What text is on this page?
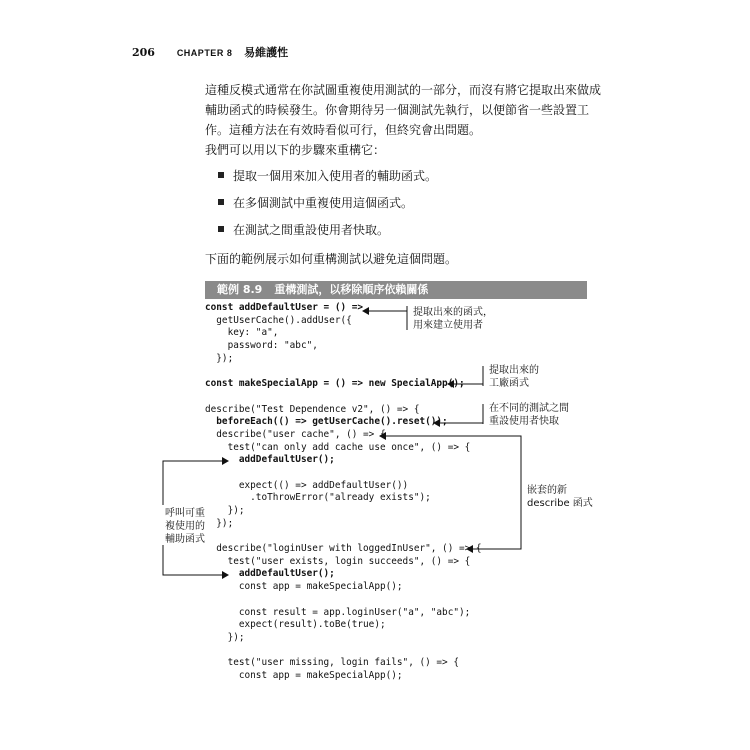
206 CHAPTER 8 易維護性

這種反模式通常在你試圖重複使用測試的一部分，而沒有將它提取出來做成輔助函式的時候發生。你會期待另一個測試先執行，以便節省一些設置工作。這種方法在有效時看似可行，但終究會出問題。

我們可以用以下的步驟來重構它：

提取一個用來加入使用者的輔助函式。
在多個測試中重複使用這個函式。
在測試之間重設使用者快取。

下面的範例展示如何重構測試以避免這個問題。

範例 8.9 重構測試，以移除順序依賴關係
const addDefaultUser = () =>
getUserCache().addUser({
key: "a",
password: "abc",
});
const makeSpecialApp = () => new SpecialApp();
describe("Test Dependence v2", () => {
beforeEach(() => getUserCache().reset());
describe("user cache", () => {
test("can only add cache use once", () => {
addDefaultUser();
expect(() => addDefaultUser())
.toThrowError("already exists");
});
});
describe("loginUser with loggedInUser", () => {
test("user exists, login succeeds", () => {
addDefaultUser();
const app = makeSpecialApp();
const result = app.loginUser("a", "abc");
expect(result).toBe(true);
});
test("user missing, login fails", () => {
const app = makeSpecialApp();
提取出來的函式，
用來建立使用者
提取出來的
工廠函式
在不同的測試之間
重設使用者快取
嵌套的新
describe 函式
呼叫可重
複使用的
輔助函式
